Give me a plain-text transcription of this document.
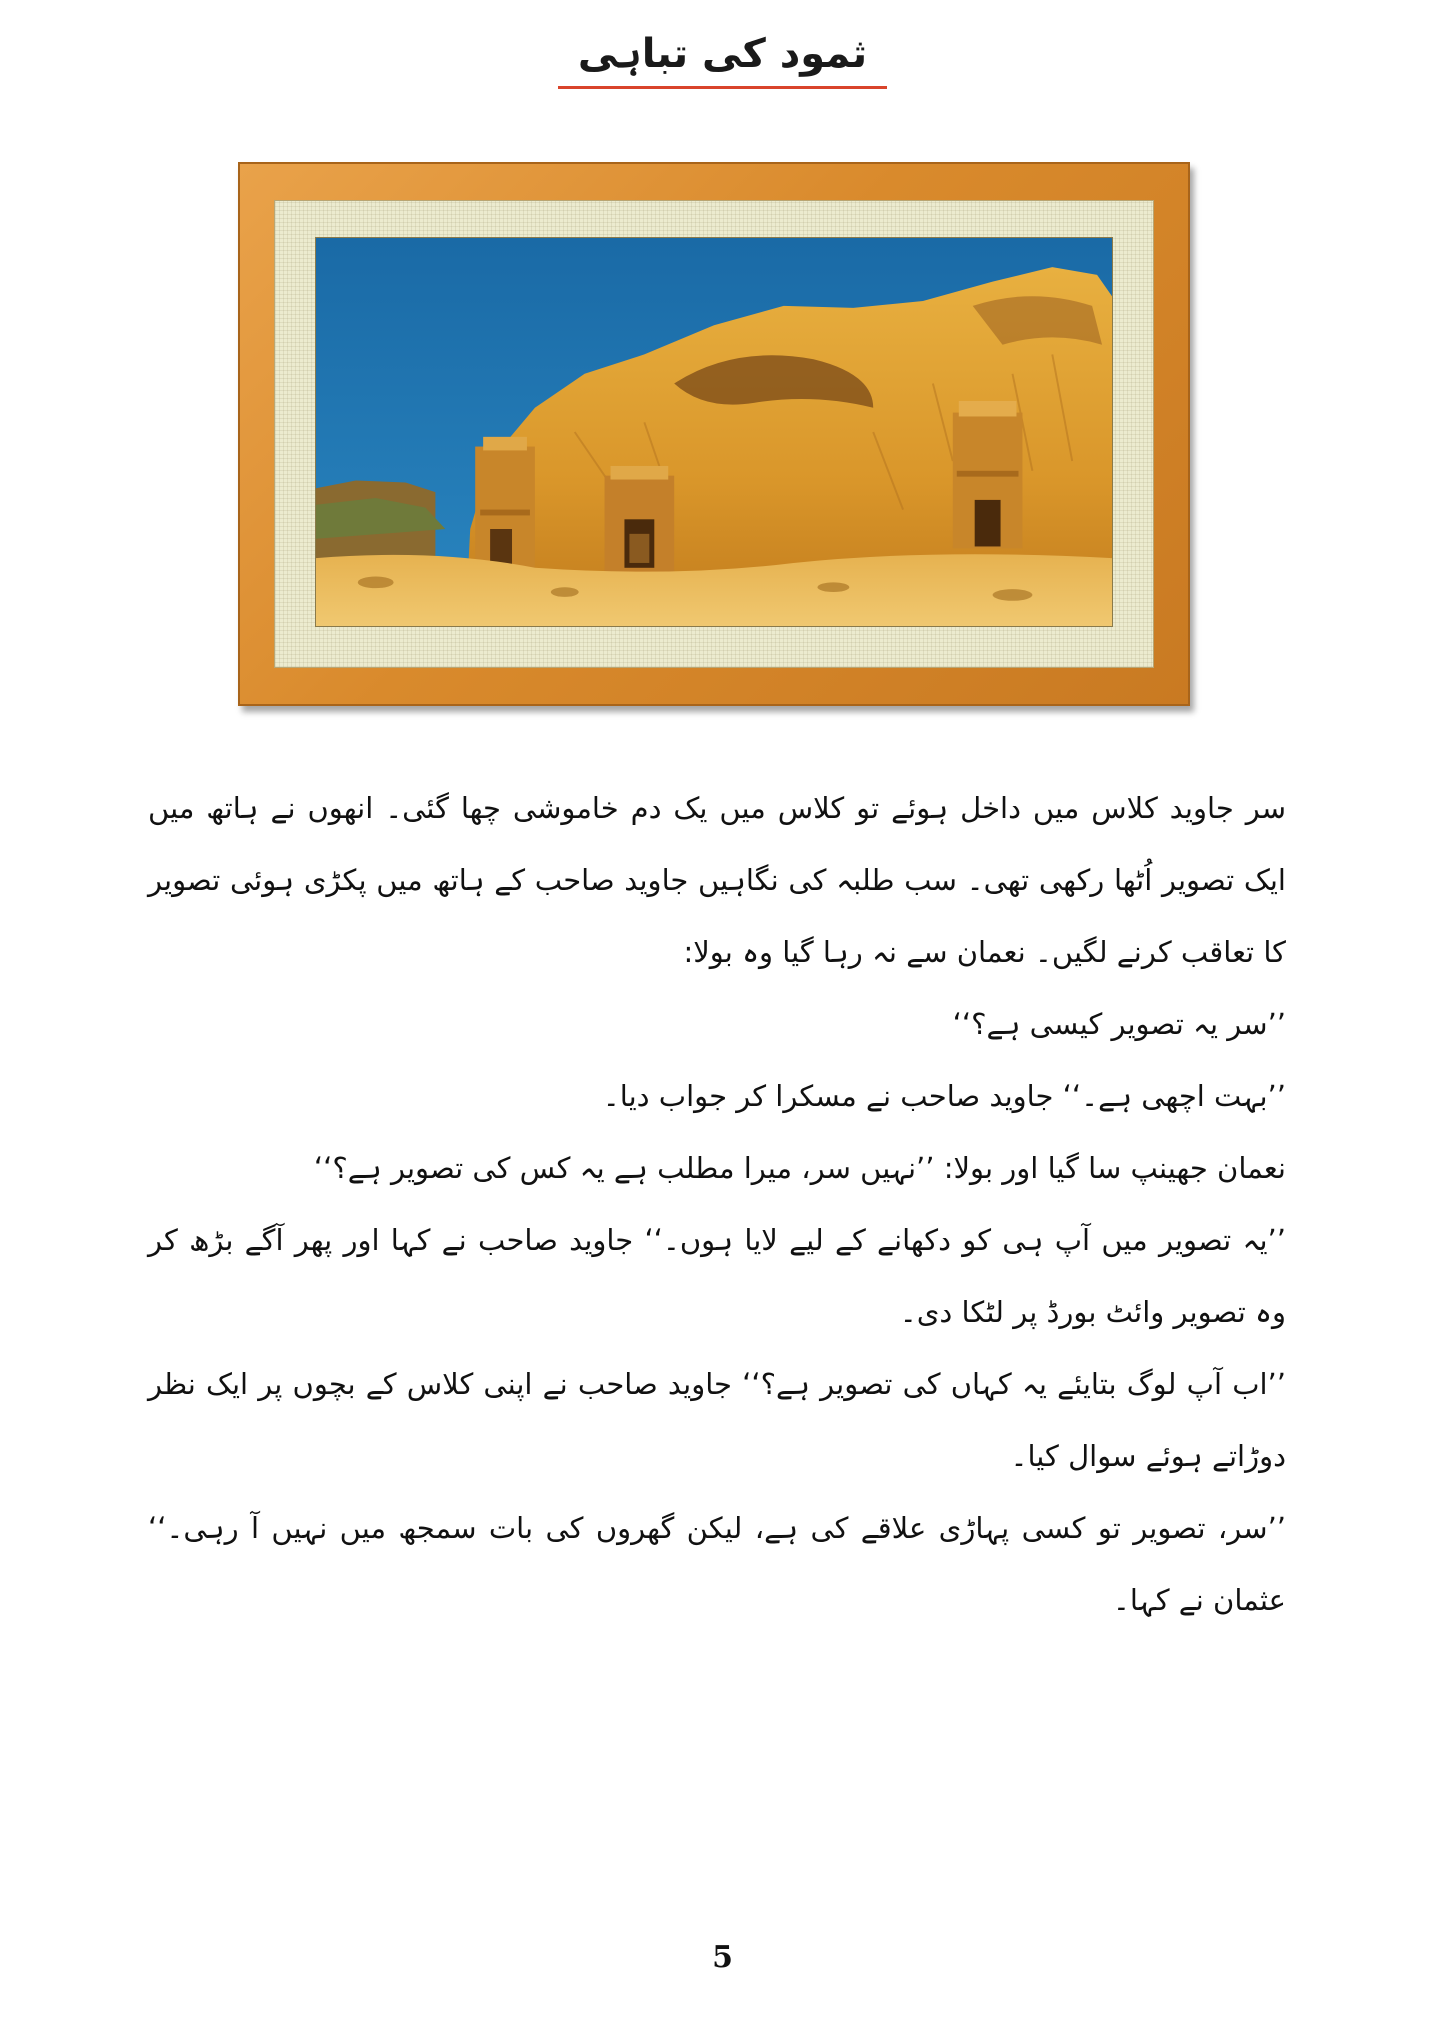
ثمود کی تباہی

سر جاوید کلاس میں داخل ہوئے تو کلاس میں یک دم خاموشی چھا گئی۔ انھوں نے ہاتھ میں ایک تصویر اُٹھا رکھی تھی۔ سب طلبہ کی نگاہیں جاوید صاحب کے ہاتھ میں پکڑی ہوئی تصویر کا تعاقب کرنے لگیں۔ نعمان سے نہ رہا گیا وہ بولا:

’’سر یہ تصویر کیسی ہے؟‘‘

’’بہت اچھی ہے۔‘‘ جاوید صاحب نے مسکرا کر جواب دیا۔

نعمان جھینپ سا گیا اور بولا: ’’نہیں سر، میرا مطلب ہے یہ کس کی تصویر ہے؟‘‘

’’یہ تصویر میں آپ ہی کو دکھانے کے لیے لایا ہوں۔‘‘ جاوید صاحب نے کہا اور پھر آگے بڑھ کر وہ تصویر وائٹ بورڈ پر لٹکا دی۔

’’اب آپ لوگ بتایئے یہ کہاں کی تصویر ہے؟‘‘ جاوید صاحب نے اپنی کلاس کے بچوں پر ایک نظر دوڑاتے ہوئے سوال کیا۔

’’سر، تصویر تو کسی پہاڑی علاقے کی ہے، لیکن گھروں کی بات سمجھ میں نہیں آ رہی۔‘‘ عثمان نے کہا۔

5
